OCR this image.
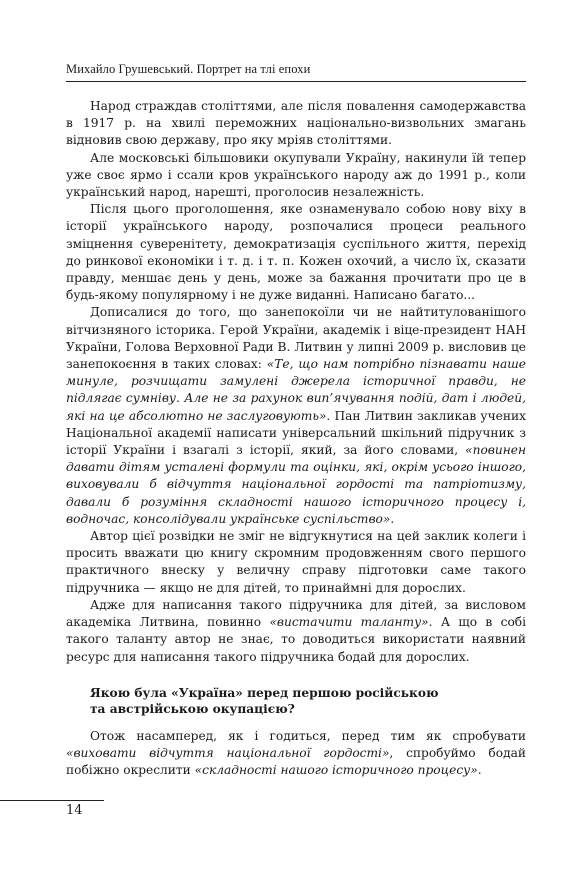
Михайло Грушевський. Портрет на тлі епохи

Народ страждав століттями, але після повалення самодержавства в 1917 р. на хвилі переможних національно-визвольних змагань відновив свою державу, про яку мріяв століттями.

Але московські більшовики окупували Україну, накинули їй тепер уже своє ярмо і ссали кров українського народу аж до 1991 р., коли український народ, нарешті, проголосив незалежність.

Після цього проголошення, яке ознаменувало собою нову віху в історії українського народу, розпочалися процеси реального зміцнення суверенітету, демократизація суспільного життя, перехід до ринкової економіки і т. д. і т. п. Кожен охочий, а число їх, сказати правду, меншає день у день, може за бажання прочитати про це в будь-якому популярному і не дуже виданні. Написано багато...

Дописалися до того, що занепокоїли чи не найтитулованішого вітчизняного історика. Герой України, академік і віце-президент НАН України, Голова Верховної Ради В. Литвин у липні 2009 р. висловив це занепокоєння в таких словах: «Те, що нам потрібно пізнавати наше минуле, розчищати замулені джерела історичної правди, не підлягає сумніву. Але не за рахунок вип’ячування подій, дат і людей, які на це абсолютно не заслуговують». Пан Литвин закликав учених Національної академії написати універсальний шкільний підручник з історії України і взагалі з історії, який, за його словами, «повинен давати дітям усталені формули та оцінки, які, окрім усього іншого, виховували б відчуття національної гордості та патріотизму, давали б розуміння складності нашого історичного процесу і, водночас, консолідували українське суспільство».

Автор цієї розвідки не зміг не відгукнутися на цей заклик колеги і просить вважати цю книгу скромним продовженням свого першого практичного внеску у величну справу підготовки саме такого підручника — якщо не для дітей, то принаймні для дорослих.

Адже для написання такого підручника для дітей, за висловом академіка Литвина, повинно «вистачити таланту». А що в собі такого таланту автор не знає, то доводиться використати наявний ресурс для написання такого підручника бодай для дорослих.

Якою була «Україна» перед першою російською
та австрійською окупацією?

Отож насамперед, як і годиться, перед тим як спробувати «виховати відчуття національної гордості», спробуймо бодай побіжно окреслити «складності нашого історичного процесу».

14
